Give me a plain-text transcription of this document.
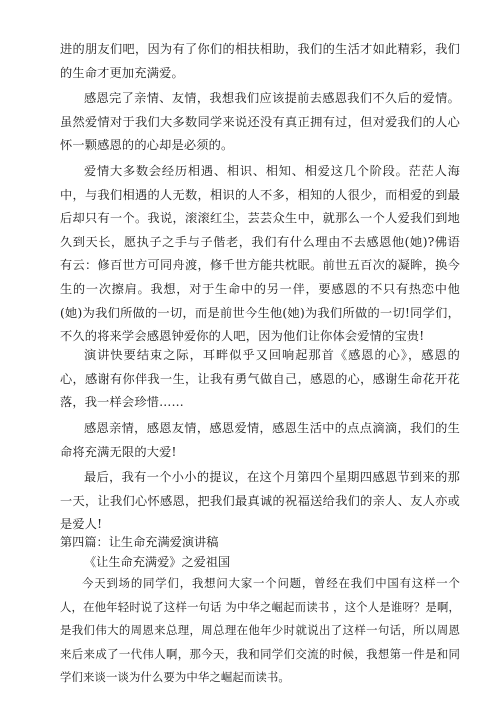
进的朋友们吧，因为有了你们的相扶相助，我们的生活才如此精彩，我们的生命才更加充满爱。

感恩完了亲情、友情，我想我们应该提前去感恩我们不久后的爱情。虽然爱情对于我们大多数同学来说还没有真正拥有过，但对爱我们的人心怀一颗感恩的的心却是必须的。

爱情大多数会经历相遇、相识、相知、相爱这几个阶段。茫茫人海中，与我们相遇的人无数，相识的人不多，相知的人很少，而相爱的到最后却只有一个。我说，滚滚红尘，芸芸众生中，就那么一个人爱我们到地久到天长，愿执子之手与子偕老，我们有什么理由不去感恩他(她)?佛语有云：修百世方可同舟渡，修千世方能共枕眠。前世五百次的凝眸，换今生的一次擦肩。我想，对于生命中的另一伴，要感恩的不只有热恋中他(她)为我们所做的一切，而是前世今生他(她)为我们所做的一切!同学们，不久的将来学会感恩钟爱你的人吧，因为他们让你体会爱情的宝贵!

演讲快要结束之际，耳畔似乎又回响起那首《感恩的心》，感恩的心，感谢有你伴我一生，让我有勇气做自己，感恩的心，感谢生命花开花落，我一样会珍惜……

感恩亲情，感恩友情，感恩爱情，感恩生活中的点点滴滴，我们的生命将充满无限的大爱!

最后，我有一个小小的提议，在这个月第四个星期四感恩节到来的那一天，让我们心怀感恩，把我们最真诚的祝福送给我们的亲人、友人亦或是爱人!

第四篇：让生命充满爱演讲稿
《让生命充满爱》之爱祖国

今天到场的同学们，我想问大家一个问题，曾经在我们中国有这样一个人，在他年轻时说了这样一句话 为中华之崛起而读书 ，这个人是谁呀？是啊，是我们伟大的周恩来总理，周总理在他年少时就说出了这样一句话，所以周恩来后来成了一代伟人啊，那今天，我和同学们交流的时候，我想第一件是和同学们来谈一谈为什么要为中华之崛起而读书。
